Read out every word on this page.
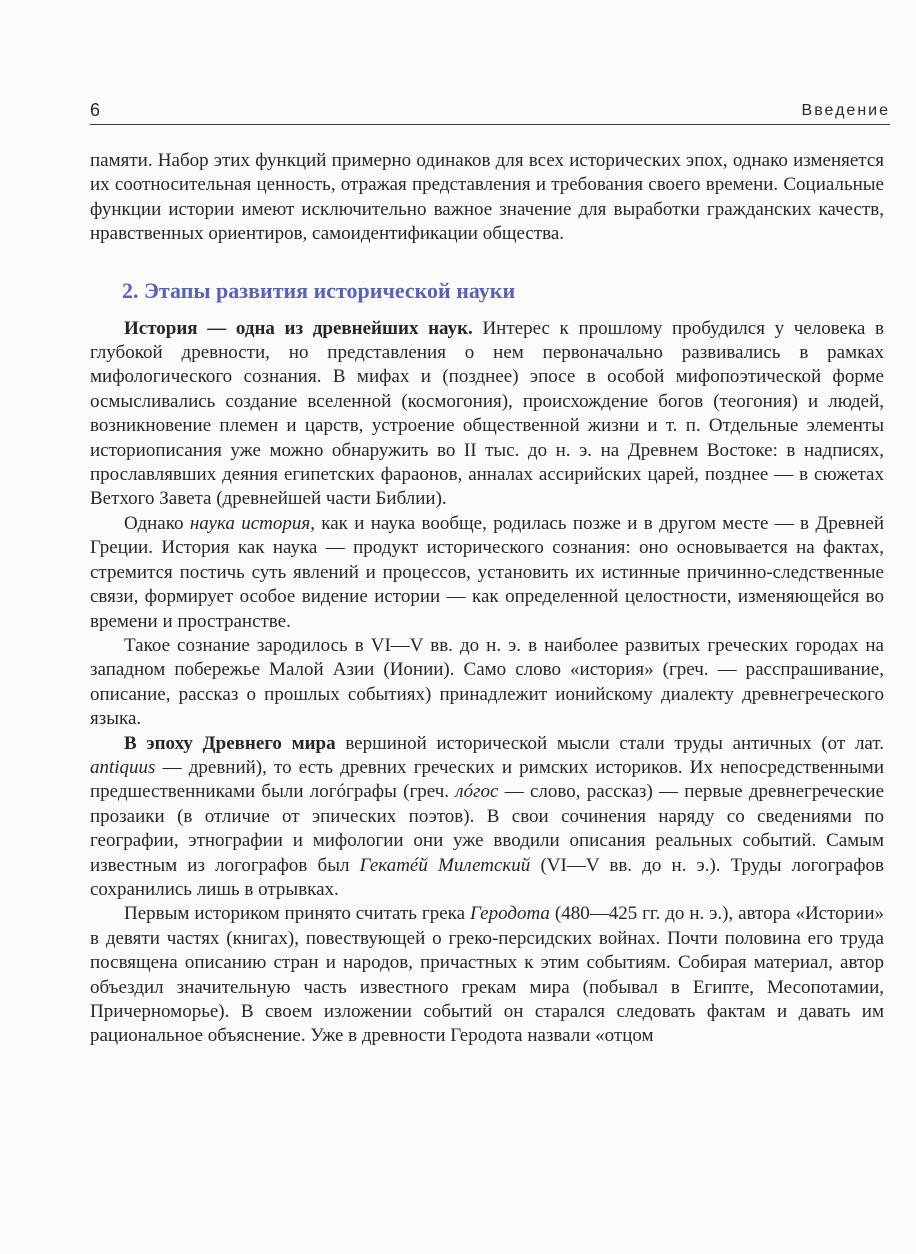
6	Введение

памяти. Набор этих функций примерно одинаков для всех исторических эпох, однако изменяется их соотносительная ценность, отражая представления и требования своего времени. Социальные функции истории имеют исключительно важное значение для выработки гражданских качеств, нравственных ориентиров, самоидентификации общества.

2. Этапы развития исторической науки

История — одна из древнейших наук. Интерес к прошлому пробудился у человека в глубокой древности, но представления о нем первоначально развивались в рамках мифологического сознания. В мифах и (позднее) эпосе в особой мифопоэтической форме осмысливались создание вселенной (космогония), происхождение богов (теогония) и людей, возникновение племен и царств, устроение общественной жизни и т. п. Отдельные элементы историописания уже можно обнаружить во II тыс. до н. э. на Древнем Востоке: в надписях, прославлявших деяния египетских фараонов, анналах ассирийских царей, позднее — в сюжетах Ветхого Завета (древнейшей части Библии).

Однако наука история, как и наука вообще, родилась позже и в другом месте — в Древней Греции. История как наука — продукт исторического сознания: оно основывается на фактах, стремится постичь суть явлений и процессов, установить их истинные причинно-следственные связи, формирует особое видение истории — как определенной целостности, изменяющейся во времени и пространстве.

Такое сознание зародилось в VI—V вв. до н. э. в наиболее развитых греческих городах на западном побережье Малой Азии (Ионии). Само слово «история» (греч. — расспрашивание, описание, рассказ о прошлых событиях) принадлежит ионийскому диалекту древнегреческого языка.

В эпоху Древнего мира вершиной исторической мысли стали труды античных (от лат. antiquus — древний), то есть древних греческих и римских историков. Их непосредственными предшественниками были логóграфы (греч. лóгос — слово, рассказ) — первые древнегреческие прозаики (в отличие от эпических поэтов). В свои сочинения наряду со сведениями по географии, этнографии и мифологии они уже вводили описания реальных событий. Самым известным из логографов был Гекатéй Милетский (VI—V вв. до н. э.). Труды логографов сохранились лишь в отрывках.

Первым историком принято считать грека Геродота (480—425 гг. до н. э.), автора «Истории» в девяти частях (книгах), повествующей о греко-персидских войнах. Почти половина его труда посвящена описанию стран и народов, причастных к этим событиям. Собирая материал, автор объездил значительную часть известного грекам мира (побывал в Египте, Месопотамии, Причерноморье). В своем изложении событий он старался следовать фактам и давать им рациональное объяснение. Уже в древности Геродота назвали «отцом
